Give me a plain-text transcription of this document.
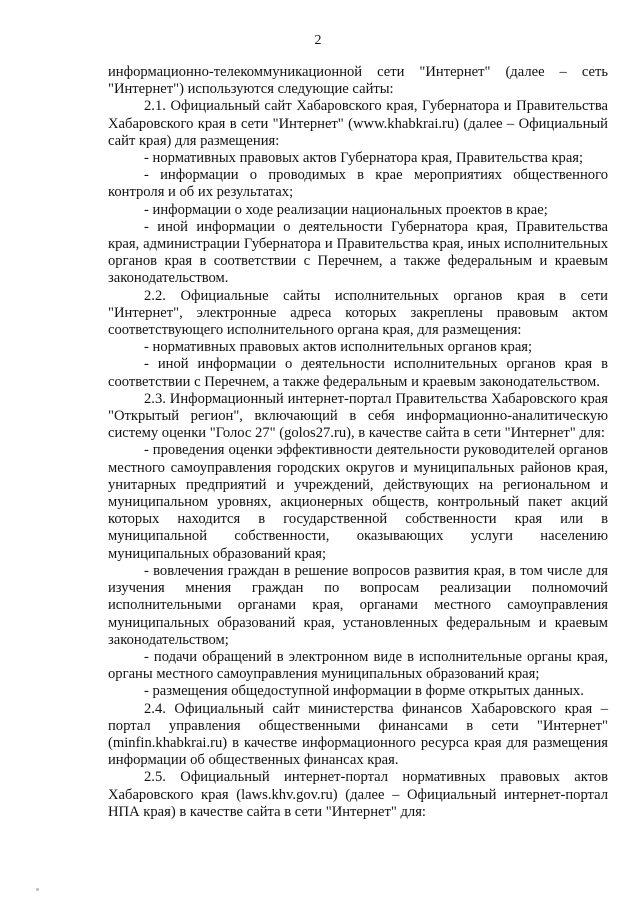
2

информационно-телекоммуникационной сети "Интернет" (далее – сеть "Интернет") используются следующие сайты:

2.1. Официальный сайт Хабаровского края, Губернатора и Правительства Хабаровского края в сети "Интернет" (www.khabkrai.ru) (далее – Официальный сайт края) для размещения:

- нормативных правовых актов Губернатора края, Правительства края;

- информации о проводимых в крае мероприятиях общественного контроля и об их результатах;

- информации о ходе реализации национальных проектов в крае;

- иной информации о деятельности Губернатора края, Правительства края, администрации Губернатора и Правительства края, иных исполнительных органов края в соответствии с Перечнем, а также федеральным и краевым законодательством.

2.2. Официальные сайты исполнительных органов края в сети "Интернет", электронные адреса которых закреплены правовым актом соответствующего исполнительного органа края, для размещения:

- нормативных правовых актов исполнительных органов края;

- иной информации о деятельности исполнительных органов края в соответствии с Перечнем, а также федеральным и краевым законодательством.

2.3. Информационный интернет-портал Правительства Хабаровского края "Открытый регион", включающий в себя информационно-аналитическую систему оценки "Голос 27" (golos27.ru), в качестве сайта в сети "Интернет" для:

- проведения оценки эффективности деятельности руководителей органов местного самоуправления городских округов и муниципальных районов края, унитарных предприятий и учреждений, действующих на региональном и муниципальном уровнях, акционерных обществ, контрольный пакет акций которых находится в государственной собственности края или в муниципальной собственности, оказывающих услуги населению муниципальных образований края;

- вовлечения граждан в решение вопросов развития края, в том числе для изучения мнения граждан по вопросам реализации полномочий исполнительными органами края, органами местного самоуправления муниципальных образований края, установленных федеральным и краевым законодательством;

- подачи обращений в электронном виде в исполнительные органы края, органы местного самоуправления муниципальных образований края;

- размещения общедоступной информации в форме открытых данных.

2.4. Официальный сайт министерства финансов Хабаровского края – портал управления общественными финансами в сети "Интернет" (minfin.khabkrai.ru) в качестве информационного ресурса края для размещения информации об общественных финансах края.

2.5. Официальный интернет-портал нормативных правовых актов Хабаровского края (laws.khv.gov.ru) (далее – Официальный интернет-портал НПА края) в качестве сайта в сети "Интернет" для:
